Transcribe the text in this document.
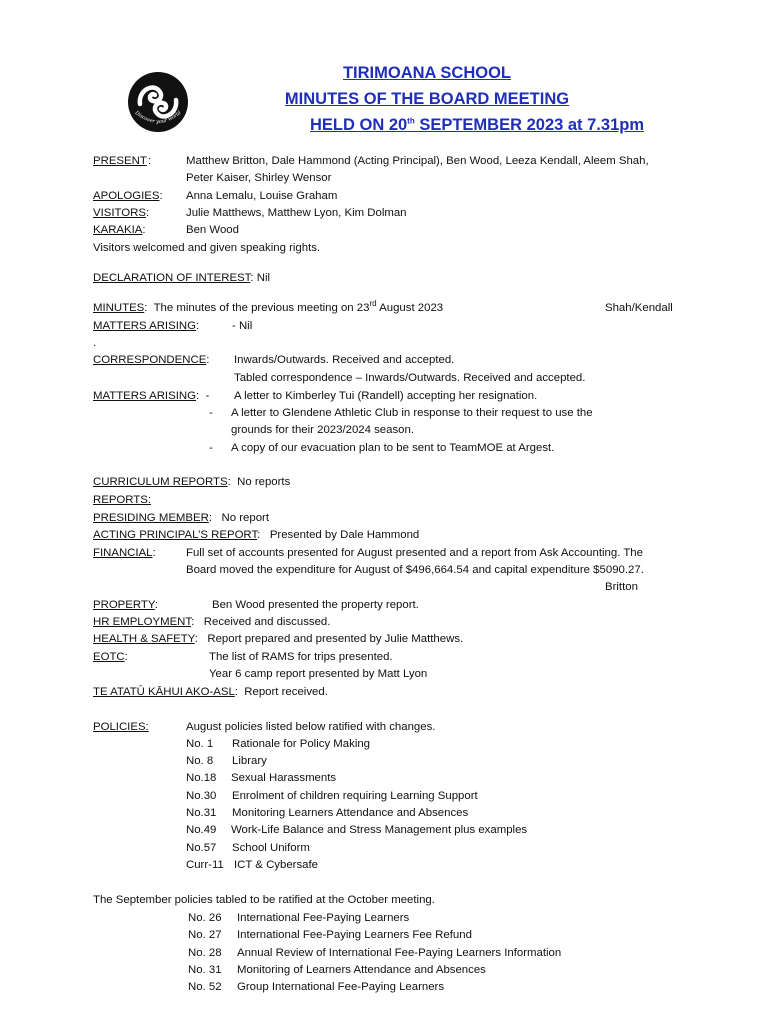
Discover your world
TIRIMOANA SCHOOL
MINUTES OF THE BOARD MEETING
HELD ON 20th SEPTEMBER 2023 at 7.31pm
PRESENT :	Matthew Britton, Dale Hammond (Acting Principal), Ben Wood, Leeza Kendall, Aleem Shah,
Peter Kaiser, Shirley Wensor
APOLOGIES: Anna Lemalu, Louise Graham
VISITORS:	Julie Matthews, Matthew Lyon, Kim Dolman
KARAKIA:	Ben Wood
Visitors welcomed and given speaking rights.
DECLARATION OF INTEREST: Nil
MINUTES:  The minutes of the previous meeting on 23rd August 2023	Shah/Kendall
MATTERS ARISING:	- Nil
.
CORRESPONDENCE: Inwards/Outwards. Received and accepted.
Tabled correspondence – Inwards/Outwards. Received and accepted.
MATTERS ARISING:  - A letter to Kimberley Tui (Randell) accepting her resignation.
- A letter to Glendene Athletic Club in response to their request to use the
grounds for their 2023/2024 season.
- A copy of our evacuation plan to be sent to TeamMOE at Argest.
CURRICULUM REPORTS:  No reports
REPORTS:
PRESIDING MEMBER:   No report
ACTING PRINCIPAL’S REPORT:   Presented by Dale Hammond
FINANCIAL:	Full set of accounts presented for August presented and a report from Ask Accounting. The
Board moved the expenditure for August of $496,664.54 and capital expenditure $5090.27.
Britton
PROPERTY:	Ben Wood presented the property report.
HR EMPLOYMENT:   Received and discussed.
HEALTH & SAFETY:   Report prepared and presented by Julie Matthews.
EOTC:	The list of RAMS for trips presented.
Year 6 camp report presented by Matt Lyon
TE ATATŪ KĀHUI AKO-ASL:  Report received.
POLICIES:	August policies listed below ratified with changes.
No. 1 Rationale for Policy Making
No. 8 Library
No.18 Sexual Harassments
No.30 Enrolment of children requiring Learning Support
No.31 Monitoring Learners Attendance and Absences
No.49 Work-Life Balance and Stress Management plus examples
No.57 School Uniform
Curr-11 ICT & Cybersafe
The September policies tabled to be ratified at the October meeting.
No. 26 International Fee-Paying Learners
No. 27 International Fee-Paying Learners Fee Refund
No. 28 Annual Review of International Fee-Paying Learners Information
No. 31 Monitoring of Learners Attendance and Absences
No. 52 Group International Fee-Paying Learners
